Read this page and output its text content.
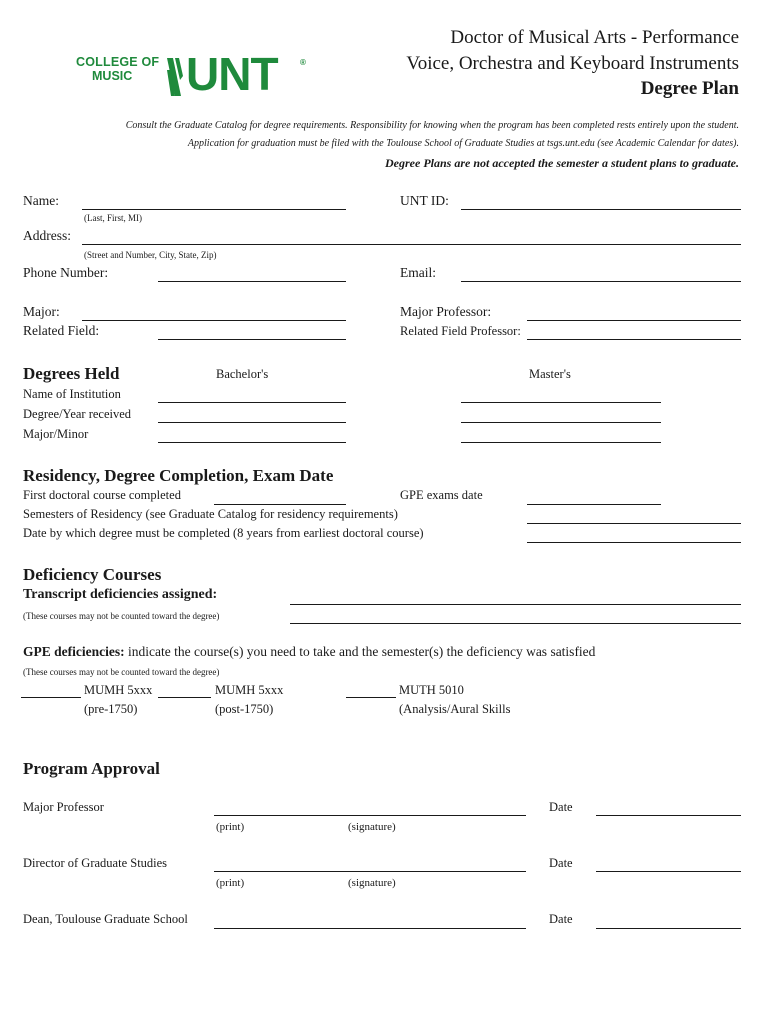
COLLEGE OF
MUSIC UNT	®
Doctor of Musical Arts - Performance
Voice, Orchestra and Keyboard Instruments
Degree Plan
Consult the Graduate Catalog for degree requirements. Responsibility for knowing when the program has been completed rests entirely upon the student.
Application for graduation must be filed with the Toulouse School of Graduate Studies at tsgs.unt.edu (see Academic Calendar for dates).
Degree Plans are not accepted the semester a student plans to graduate.
Name:
(Last, First, MI)
UNT ID:
Address:
(Street and Number, City, State, Zip)
Phone Number:	Email:
Major:	Major Professor:
Related Field:	Related Field Professor:
Degrees Held	Bachelor's	Master's
Name of Institution
Degree/Year received
Major/Minor
Residency, Degree Completion, Exam Date
First doctoral course completed	GPE exams date
Semesters of Residency (see Graduate Catalog for residency requirements)
Date by which degree must be completed (8 years from earliest doctoral course)
Deficiency Courses
Transcript deficiencies assigned:
(These courses may not be counted toward the degree)
GPE deficiencies: indicate the course(s) you need to take and the semester(s) the deficiency was satisfied
(These courses may not be counted toward the degree)
MUMH 5xxx
(pre-1750)
MUMH 5xxx
(post-1750)
MUTH 5010
(Analysis/Aural Skills
Program Approval
Major Professor	Date
(print)	(signature)
Director of Graduate Studies	Date
(print)	(signature)
Dean, Toulouse Graduate School	Date
